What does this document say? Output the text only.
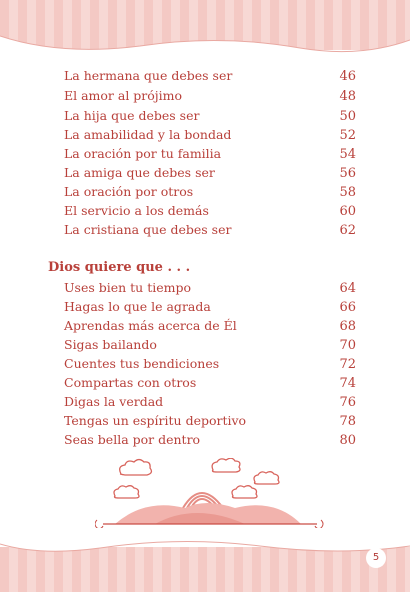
La hermana que debes ser	46
El amor al prójimo	48
La hija que debes ser	50
La amabilidad y la bondad	52
La oración por tu familia	54
La amiga que debes ser	56
La oración por otros	58
El servicio a los demás	60
La cristiana que debes ser	62
Dios quiere que . . .
Uses bien tu tiempo	64
Hagas lo que le agrada	66
Aprendas más acerca de Él	68
Sigas bailando	70
Cuentes tus bendiciones	72
Compartas con otros	74
Digas la verdad	76
Tengas un espíritu deportivo	78
Seas bella por dentro	80
5
